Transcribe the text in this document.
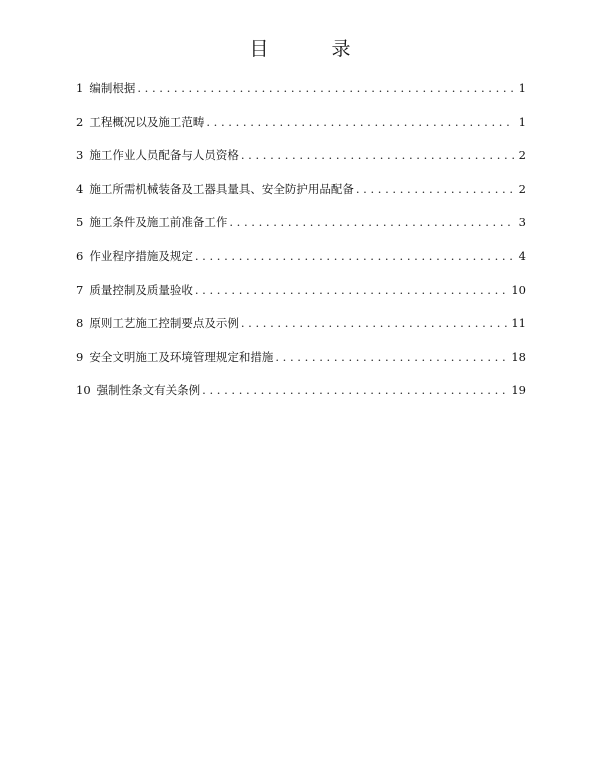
目　录
1 编制根据 . . .	1
2 工程概况以及施工范畴 . . .	1
3 施工作业人员配备与人员资格 . . .	2
4 施工所需机械装备及工器具量具、安全防护用品配备 . . .	2
5 施工条件及施工前准备工作 . . .	3
6 作业程序措施及规定 . . .	4
7 质量控制及质量验收 . . .	10
8 原则工艺施工控制要点及示例 . . .	11
9 安全文明施工及环境管理规定和措施 . . .	18
10 强制性条文有关条例 . . .	19
